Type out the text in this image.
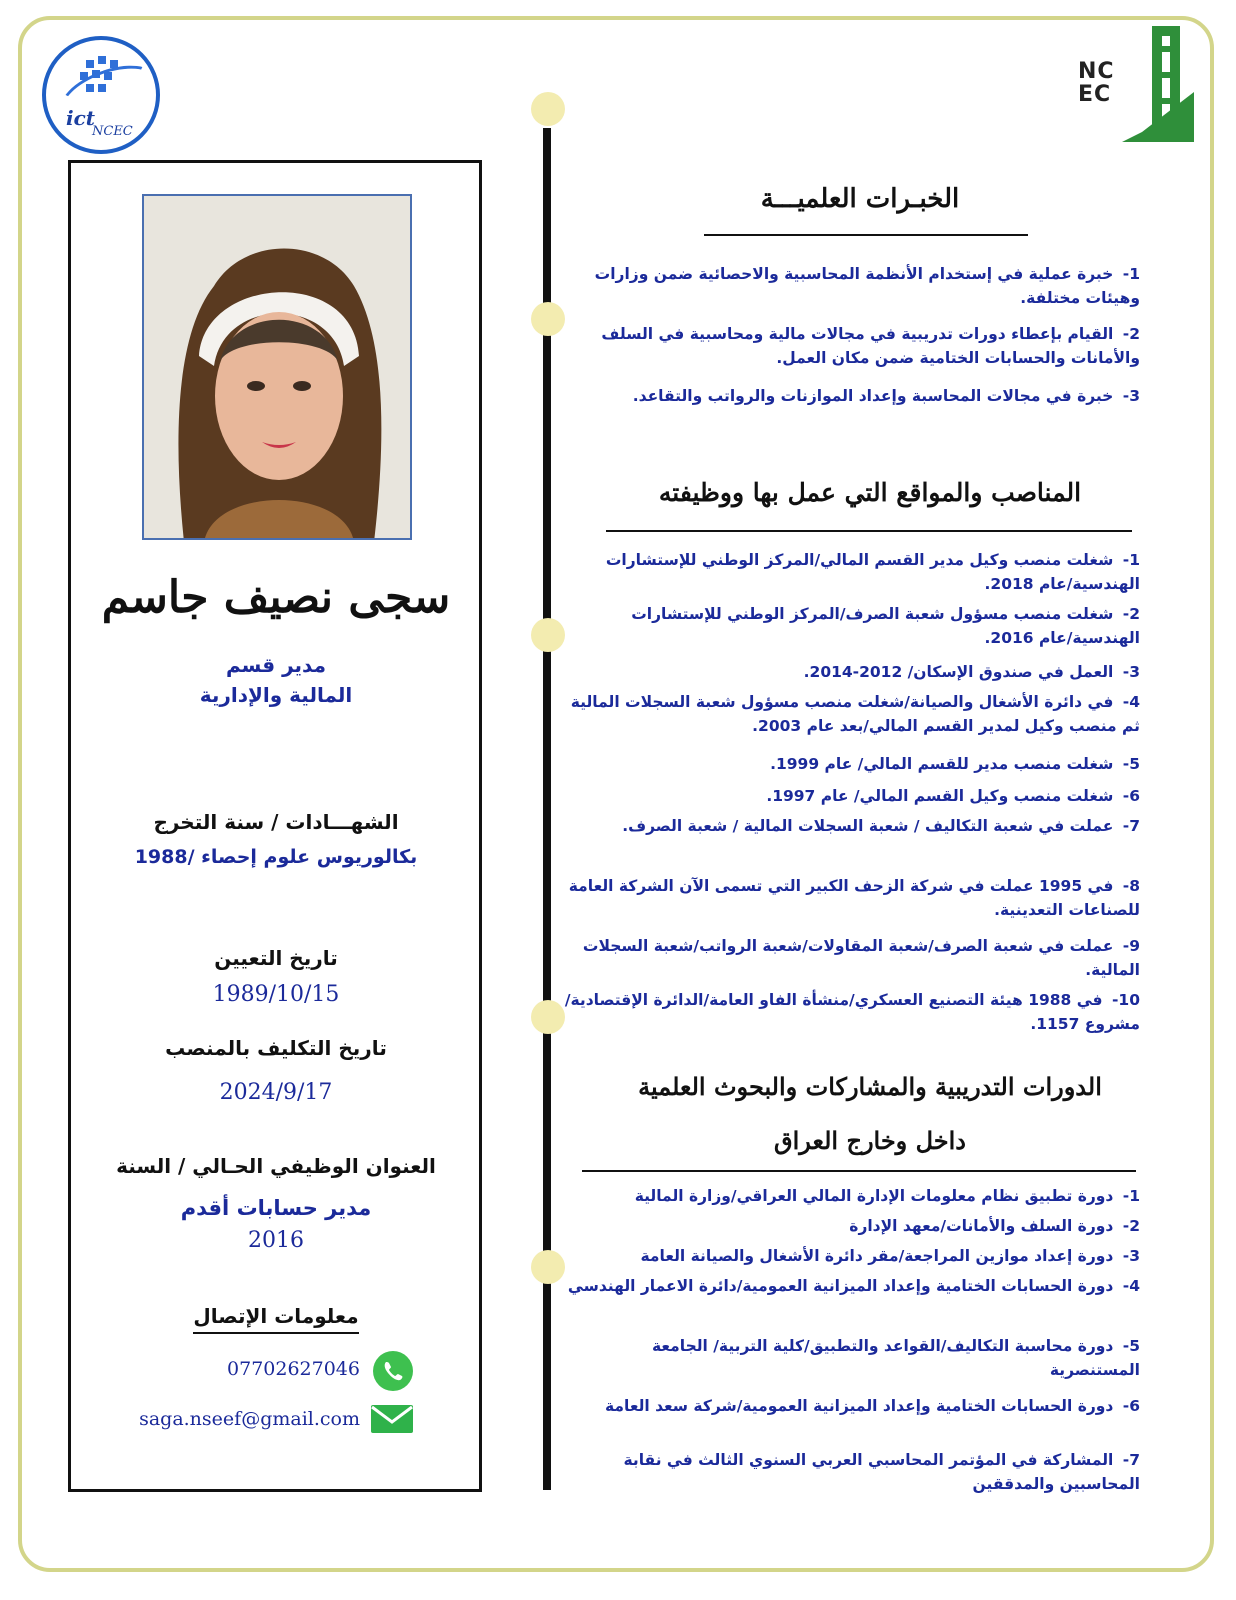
ict
NCEC
NC
EC
سجى نصيف جاسم
مدير قسم
المالية والإدارية
الشهـــادات / سنة التخرج
بكالوريوس علوم إحصاء /1988
تاريخ التعيين
1989/10/15
تاريخ التكليف بالمنصب
2024/9/17
العنوان الوظيفي الحـالي / السنة
مدير حسابات أقدم
2016
معلومات الإتصال
07702627046
saga.nseef@gmail.com
الخبـرات العلميـــة
1- خبرة عملية في إستخدام الأنظمة المحاسبية والاحصائية ضمن وزارات وهيئات مختلفة.
2- القيام بإعطاء دورات تدريبية في مجالات مالية ومحاسبية في السلف والأمانات والحسابات الختامية ضمن مكان العمل.
3- خبرة في مجالات المحاسبة وإعداد الموازنات والرواتب والتقاعد.
المناصب والمواقع التي عمل بها ووظيفته
1- شغلت منصب وكيل مدير القسم المالي/المركز الوطني للإستشارات الهندسية/عام 2018.
2- شغلت منصب مسؤول شعبة الصرف/المركز الوطني للإستشارات الهندسية/عام 2016.
3- العمل في صندوق الإسكان/ 2012-2014.
4- في دائرة الأشغال والصيانة/شغلت منصب مسؤول شعبة السجلات المالية ثم منصب وكيل لمدير القسم المالي/بعد عام 2003.
5- شغلت منصب مدير للقسم المالي/ عام 1999.
6- شغلت منصب وكيل القسم المالي/ عام 1997.
7- عملت في شعبة التكاليف / شعبة السجلات المالية / شعبة الصرف.
8- في 1995 عملت في شركة الزحف الكبير التي تسمى الآن الشركة العامة للصناعات التعدينية.
9- عملت في شعبة الصرف/شعبة المقاولات/شعبة الرواتب/شعبة السجلات المالية.
10- في 1988 هيئة التصنيع العسكري/منشأة الفاو العامة/الدائرة الإقتصادية/مشروع 1157.
الدورات التدريبية والمشاركات والبحوث العلمية
داخل وخارج العراق
1- دورة تطبيق نظام معلومات الإدارة المالي العراقي/وزارة المالية
2- دورة السلف والأمانات/معهد الإدارة
3- دورة إعداد موازين المراجعة/مقر دائرة الأشغال والصيانة العامة
4- دورة الحسابات الختامية وإعداد الميزانية العمومية/دائرة الاعمار الهندسي
5- دورة محاسبة التكاليف/القواعد والتطبيق/كلية التربية/ الجامعة المستنصرية
6- دورة الحسابات الختامية وإعداد الميزانية العمومية/شركة سعد العامة
7- المشاركة في المؤتمر المحاسبي العربي السنوي الثالث في نقابة المحاسبين والمدققين
